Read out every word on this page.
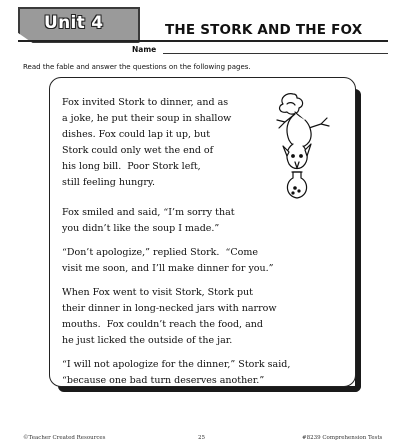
Unit 4	THE STORK AND THE FOX
Name
Read the fable and answer the questions on the following pages.
Fox invited Stork to dinner, and as
a joke, he put their soup in shallow
dishes. Fox could lap it up, but
Stork could only wet the end of
his long bill.  Poor Stork left,
still feeling hungry.
Fox smiled and said, “I’m sorry that
you didn’t like the soup I made.”
“Don’t apologize,” replied Stork.  “Come
visit me soon, and I’ll make dinner for you.”
When Fox went to visit Stork, Stork put
their dinner in long-necked jars with narrow
mouths.  Fox couldn’t reach the food, and
he just licked the outside of the jar.
“I will not apologize for the dinner,” Stork said,
“because one bad turn deserves another.”
©Teacher Created Resources	25	#8239 Comprehension Tests
